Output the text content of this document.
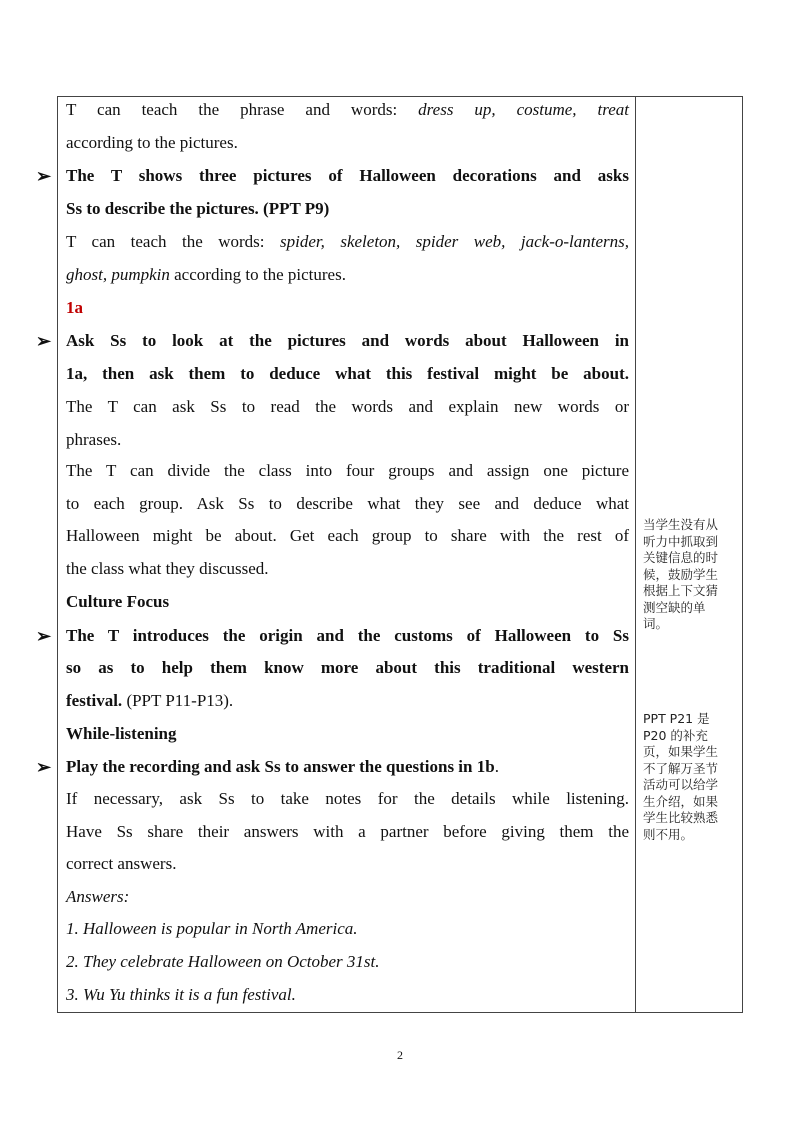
T can teach the phrase and words: dress up, costume, treat
according to the pictures.
➢ The T shows three pictures of Halloween decorations and asks
Ss to describe the pictures. (PPT P9)
T can teach the words: spider, skeleton, spider web, jack-o-lanterns,
ghost, pumpkin according to the pictures.
1a
➢ Ask Ss to look at the pictures and words about Halloween in
1a, then ask them to deduce what this festival might be about.
The T can ask Ss to read the words and explain new words or
phrases.
The T can divide the class into four groups and assign one picture
to each group. Ask Ss to describe what they see and deduce what
Halloween might be about. Get each group to share with the rest of
the class what they discussed.
Culture Focus
➢ The T introduces the origin and the customs of Halloween to Ss
so as to help them know more about this traditional western
festival. (PPT P11-P13).
While-listening
➢ Play the recording and ask Ss to answer the questions in 1b.
If necessary, ask Ss to take notes for the details while listening.
Have Ss share their answers with a partner before giving them the
correct answers.
Answers:
1. Halloween is popular in North America.
2. They celebrate Halloween on October 31st.
3. Wu Yu thinks it is a fun festival.
当学生没有从听力中抓取到关键信息的时候，鼓励学生根据上下文猜测空缺的单词。
PPT P21 是 P20 的补充页，如果学生不了解万圣节活动可以给学生介绍，如果学生比较熟悉则不用。
2
